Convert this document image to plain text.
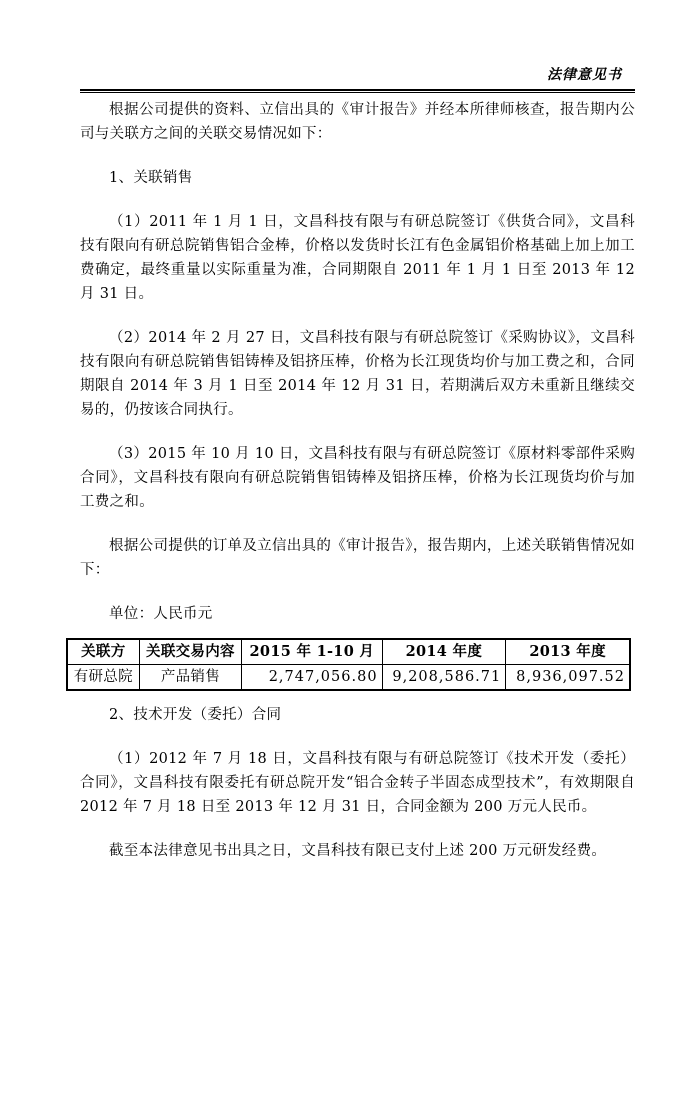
法律意见书

根据公司提供的资料、立信出具的《审计报告》并经本所律师核查，报告期内公司与关联方之间的关联交易情况如下：

1、关联销售

（1）2011 年 1 月 1 日，文昌科技有限与有研总院签订《供货合同》，文昌科技有限向有研总院销售铝合金棒，价格以发货时长江有色金属铝价格基础上加上加工费确定，最终重量以实际重量为准，合同期限自 2011 年 1 月 1 日至 2013 年 12 月 31 日。

（2）2014 年 2 月 27 日，文昌科技有限与有研总院签订《采购协议》，文昌科技有限向有研总院销售铝铸棒及铝挤压棒，价格为长江现货均价与加工费之和，合同期限自 2014 年 3 月 1 日至 2014 年 12 月 31 日，若期满后双方未重新且继续交易的，仍按该合同执行。

（3）2015 年 10 月 10 日，文昌科技有限与有研总院签订《原材料零部件采购合同》，文昌科技有限向有研总院销售铝铸棒及铝挤压棒，价格为长江现货均价与加工费之和。

根据公司提供的订单及立信出具的《审计报告》，报告期内，上述关联销售情况如下：

单位：人民币元

关联方	关联交易内容	2015 年 1-10 月	2014 年度	2013 年度
有研总院	产品销售	2,747,056.80	9,208,586.71	8,936,097.52

2、技术开发（委托）合同

（1）2012 年 7 月 18 日，文昌科技有限与有研总院签订《技术开发（委托）合同》，文昌科技有限委托有研总院开发“铝合金转子半固态成型技术”，有效期限自 2012 年 7 月 18 日至 2013 年 12 月 31 日，合同金额为 200 万元人民币。

截至本法律意见书出具之日，文昌科技有限已支付上述 200 万元研发经费。
